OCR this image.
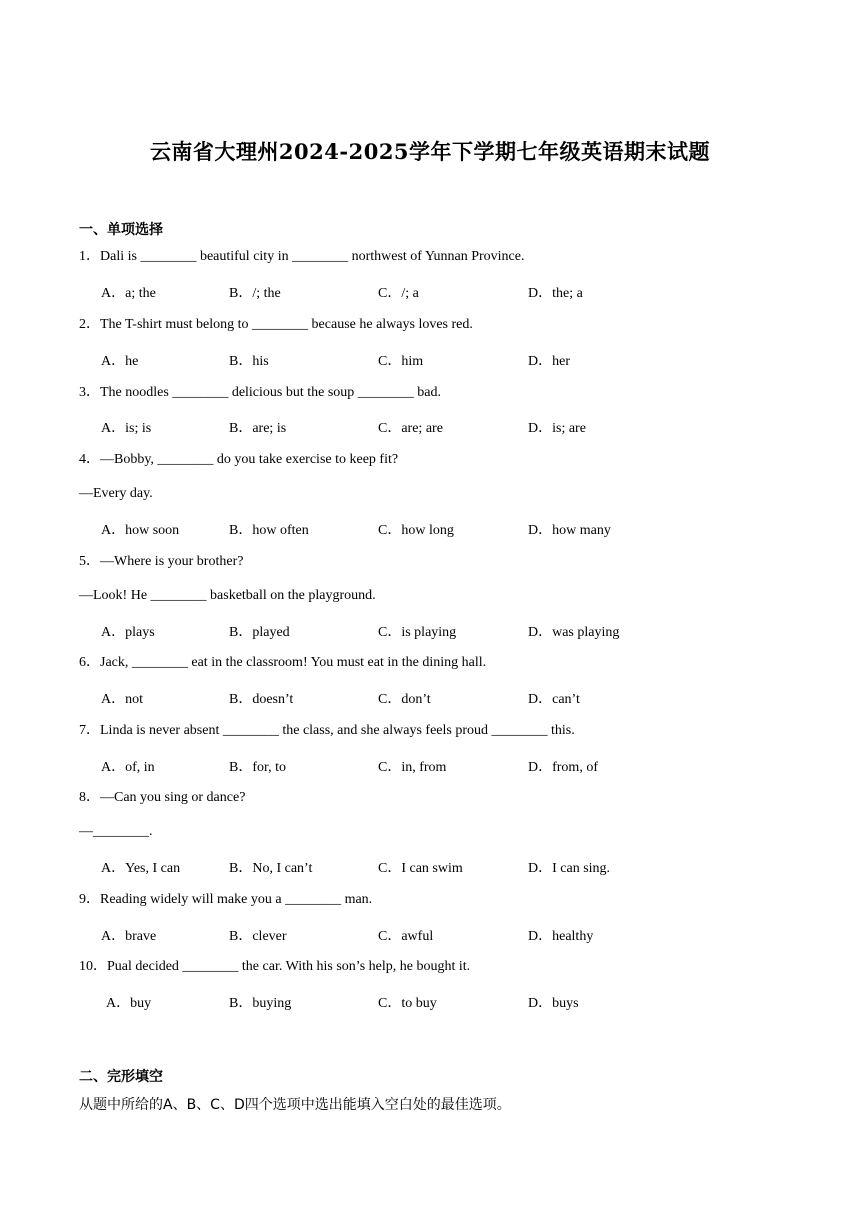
云南省大理州2024-2025学年下学期七年级英语期末试题
一、单项选择
1．Dali is ________ beautiful city in ________ northwest of Yunnan Province.
A．a; the	B．/; the	C．/; a	D．the; a
2．The T-shirt must belong to ________ because he always loves red.
A．he	B．his	C．him	D．her
3．The noodles ________ delicious but the soup ________ bad.
A．is; is	B．are; is	C．are; are	D．is; are
4．—Bobby, ________ do you take exercise to keep fit?
—Every day.
A．how soon	B．how often	C．how long	D．how many
5．—Where is your brother?
—Look! He ________ basketball on the playground.
A．plays	B．played	C．is playing	D．was playing
6．Jack, ________ eat in the classroom! You must eat in the dining hall.
A．not	B．doesn’t	C．don’t	D．can’t
7．Linda is never absent ________ the class, and she always feels proud ________ this.
A．of, in	B．for, to	C．in, from	D．from, of
8．—Can you sing or dance?
—________.
A．Yes, I can	B．No, I can’t	C．I can swim	D．I can sing.
9．Reading widely will make you a ________ man.
A．brave	B．clever	C．awful	D．healthy
10．Pual decided ________ the car. With his son’s help, he bought it.
A．buy	B．buying	C．to buy	D．buys
二、完形填空
从题中所给的A、B、C、D四个选项中选出能填入空白处的最佳选项。
